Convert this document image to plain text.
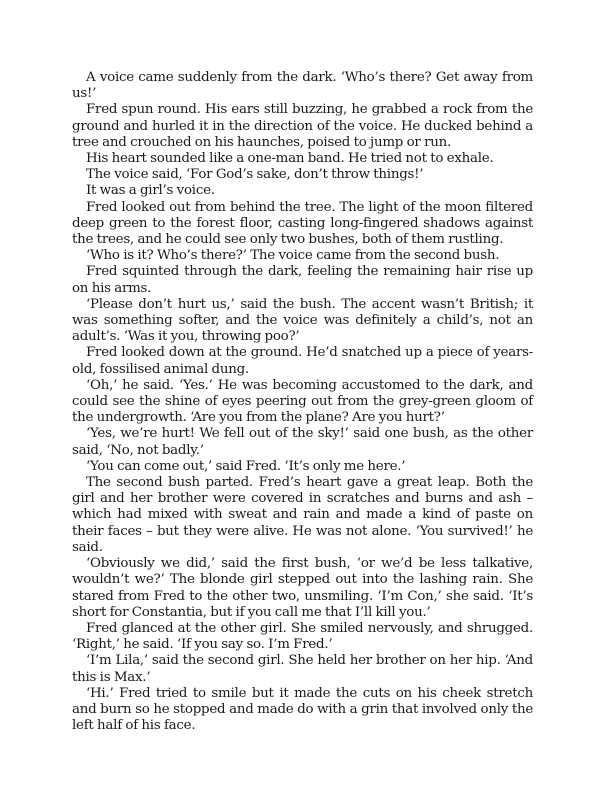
A voice came suddenly from the dark. ‘Who’s there? Get away from us!’

Fred spun round. His ears still buzzing, he grabbed a rock from the ground and hurled it in the direction of the voice. He ducked behind a tree and crouched on his haunches, poised to jump or run.

His heart sounded like a one-man band. He tried not to exhale.

The voice said, ‘For God’s sake, don’t throw things!’

It was a girl’s voice.

Fred looked out from behind the tree. The light of the moon filtered deep green to the forest floor, casting long-fingered shadows against the trees, and he could see only two bushes, both of them rustling.

‘Who is it? Who’s there?’ The voice came from the second bush.

Fred squinted through the dark, feeling the remaining hair rise up on his arms.

‘Please don’t hurt us,’ said the bush. The accent wasn’t British; it was something softer, and the voice was definitely a child’s, not an adult’s. ‘Was it you, throwing poo?’

Fred looked down at the ground. He’d snatched up a piece of years-old, fossilised animal dung.

‘Oh,’ he said. ‘Yes.’ He was becoming accustomed to the dark, and could see the shine of eyes peering out from the grey-green gloom of the undergrowth. ‘Are you from the plane? Are you hurt?’

‘Yes, we’re hurt! We fell out of the sky!’ said one bush, as the other said, ‘No, not badly.’

‘You can come out,’ said Fred. ‘It’s only me here.’

The second bush parted. Fred’s heart gave a great leap. Both the girl and her brother were covered in scratches and burns and ash – which had mixed with sweat and rain and made a kind of paste on their faces – but they were alive. He was not alone. ‘You survived!’ he said.

‘Obviously we did,’ said the first bush, ‘or we’d be less talkative, wouldn’t we?’ The blonde girl stepped out into the lashing rain. She stared from Fred to the other two, unsmiling. ‘I’m Con,’ she said. ‘It’s short for Constantia, but if you call me that I’ll kill you.’

Fred glanced at the other girl. She smiled nervously, and shrugged. ‘Right,’ he said. ‘If you say so. I’m Fred.’

‘I’m Lila,’ said the second girl. She held her brother on her hip. ‘And this is Max.’

‘Hi.’ Fred tried to smile but it made the cuts on his cheek stretch and burn so he stopped and made do with a grin that involved only the left half of his face.
